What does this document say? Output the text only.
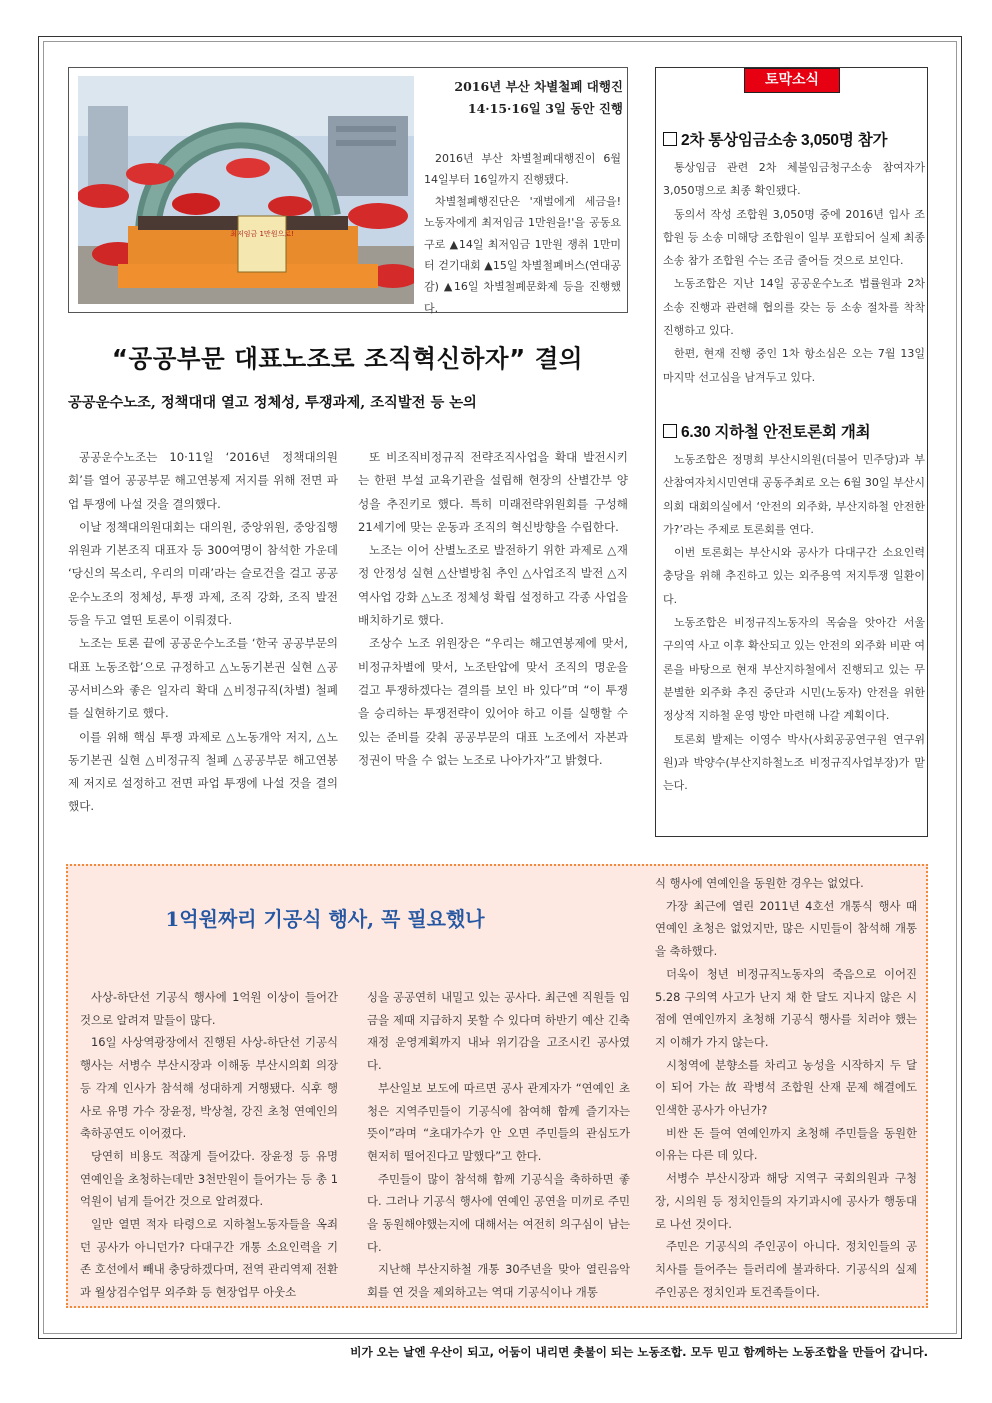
최저임금 1만원으로!
2016년 부산 차별철폐 대행진
14·15·16일 3일 동안 진행

2016년 부산 차별철폐대행진이 6월 14일부터 16일까지 진행됐다.

차별철폐행진단은 '재벌에게 세금을! 노동자에게 최저임금 1만원을!'을 공동요구로 ▲14일 최저임금 1만원 쟁취 1만미터 걷기대회 ▲15일 차별철폐버스(연대공감) ▲16일 차별철폐문화제 등을 진행했다.

“공공부문 대표노조로 조직혁신하자” 결의
공공운수노조, 정책대대 열고 정체성, 투쟁과제, 조직발전 등 논의

공공운수노조는 10·11일 ‘2016년 정책대의원회’를 열어 공공부문 해고연봉제 저지를 위해 전면 파업 투쟁에 나설 것을 결의했다.

이날 정책대의원대회는 대의원, 중앙위원, 중앙집행위원과 기본조직 대표자 등 300여명이 참석한 가운데 ‘당신의 목소리, 우리의 미래’라는 슬로건을 걸고 공공운수노조의 정체성, 투쟁 과제, 조직 강화, 조직 발전 등을 두고 열띤 토론이 이뤄졌다.

노조는 토론 끝에 공공운수노조를 ‘한국 공공부문의 대표 노동조합’으로 규정하고 △노동기본권 실현 △공공서비스와 좋은 일자리 확대 △비정규직(차별) 철폐를 실현하기로 했다.

이를 위해 핵심 투쟁 과제로 △노동개악 저지, △노동기본권 실현 △비정규직 철폐 △공공부문 해고연봉제 저지로 설정하고 전면 파업 투쟁에 나설 것을 결의했다.

또 비조직비정규직 전략조직사업을 확대 발전시키는 한편 부설 교육기관을 설립해 현장의 산별간부 양성을 추진키로 했다. 특히 미래전략위원회를 구성해 21세기에 맞는 운동과 조직의 혁신방향을 수립한다.

노조는 이어 산별노조로 발전하기 위한 과제로 △재정 안정성 실현 △산별방침 추인 △사업조직 발전 △지역사업 강화 △노조 정체성 확립 설정하고 각종 사업을 배치하기로 했다.

조상수 노조 위원장은 “우리는 해고연봉제에 맞서, 비정규차별에 맞서, 노조탄압에 맞서 조직의 명운을 걸고 투쟁하겠다는 결의를 보인 바 있다”며 “이 투쟁을 승리하는 투쟁전략이 있어야 하고 이를 실행할 수 있는 준비를 갖춰 공공부문의 대표 노조에서 자본과 정권이 막을 수 없는 노조로 나아가자”고 밝혔다.

토막소식
2차 통상임금소송 3,050명 참가

통상임금 관련 2차 체불임금청구소송 참여자가 3,050명으로 최종 확인됐다.

동의서 작성 조합원 3,050명 중에 2016년 입사 조합원 등 소송 미해당 조합원이 일부 포함되어 실제 최종 소송 참가 조합원 수는 조금 줄어들 것으로 보인다.

노동조합은 지난 14일 공공운수노조 법률원과 2차 소송 진행과 관련해 협의를 갖는 등 소송 절차를 착착 진행하고 있다.

한편, 현재 진행 중인 1차 항소심은 오는 7월 13일 마지막 선고심을 남겨두고 있다.

6.30 지하철 안전토론회 개최

노동조합은 정명희 부산시의원(더불어 민주당)과 부산참여자치시민연대 공동주최로 오는 6월 30일 부산시의회 대회의실에서 ‘안전의 외주화, 부산지하철 안전한가?’라는 주제로 토론회를 연다.

이번 토론회는 부산시와 공사가 다대구간 소요인력 충당을 위해 추진하고 있는 외주용역 저지투쟁 일환이다.

노동조합은 비정규직노동자의 목숨을 앗아간 서울 구의역 사고 이후 확산되고 있는 안전의 외주화 비판 여론을 바탕으로 현재 부산지하철에서 진행되고 있는 무분별한 외주화 추진 중단과 시민(노동자) 안전을 위한 정상적 지하철 운영 방안 마련해 나갈 계획이다.

토론회 발제는 이영수 박사(사회공공연구원 연구위원)과 박양수(부산지하철노조 비정규직사업부장)가 맡는다.

1억원짜리 기공식 행사, 꼭 필요했나

사상-하단선 기공식 행사에 1억원 이상이 들어간 것으로 알려져 말들이 많다.

16일 사상역광장에서 진행된 사상-하단선 기공식 행사는 서병수 부산시장과 이해동 부산시의회 의장 등 각계 인사가 참석해 성대하게 거행됐다. 식후 행사로 유명 가수 장윤정, 박상철, 강진 초청 연예인의 축하공연도 이어졌다.

당연히 비용도 적잖게 들어갔다. 장윤정 등 유명 연예인을 초청하는데만 3천만원이 들어가는 등 총 1억원이 넘게 들어간 것으로 알려졌다.

일만 열면 적자 타령으로 지하철노동자들을 옥죄던 공사가 아니던가? 다대구간 개통 소요인력을 기존 호선에서 빼내 충당하겠다며, 전역 관리역제 전환과 월상검수업무 외주화 등 현장업무 아웃소

싱을 공공연히 내밀고 있는 공사다. 최근엔 직원들 임금을 제때 지급하지 못할 수 있다며 하반기 예산 긴축재정 운영계획까지 내놔 위기감을 고조시킨 공사였다.

부산일보 보도에 따르면 공사 관계자가 “연예인 초청은 지역주민들이 기공식에 참여해 함께 즐기자는 뜻이”라며 “초대가수가 안 오면 주민들의 관심도가 현저히 떨어진다고 말했다”고 한다.

주민들이 많이 참석해 함께 기공식을 축하하면 좋다. 그러나 기공식 행사에 연예인 공연을 미끼로 주민을 동원해야했는지에 대해서는 여전히 의구심이 남는다.

지난해 부산지하철 개통 30주년을 맞아 열린음악회를 연 것을 제외하고는 역대 기공식이나 개통

식 행사에 연예인을 동원한 경우는 없었다.

가장 최근에 열린 2011년 4호선 개통식 행사 때 연예인 초청은 없었지만, 많은 시민들이 참석해 개통을 축하했다.

더욱이 청년 비정규직노동자의 죽음으로 이어진 5.28 구의역 사고가 난지 채 한 달도 지나지 않은 시점에 연예인까지 초청해 기공식 행사를 치러야 했는지 이해가 가지 않는다.

시청역에 분향소를 차리고 농성을 시작하지 두 달이 되어 가는 故 곽병석 조합원 산재 문제 해결에도 인색한 공사가 아닌가?

비싼 돈 들여 연예인까지 초청해 주민들을 동원한 이유는 다른 데 있다.

서병수 부산시장과 해당 지역구 국회의원과 구청장, 시의원 등 정치인들의 자기과시에 공사가 행동대로 나선 것이다.

주민은 기공식의 주인공이 아니다. 정치인들의 공치사를 들어주는 들러리에 불과하다. 기공식의 실제 주인공은 정치인과 토건족들이다.

비가 오는 날엔 우산이 되고, 어둠이 내리면 촛불이 되는 노동조합. 모두 믿고 함께하는 노동조합을 만들어 갑니다.
